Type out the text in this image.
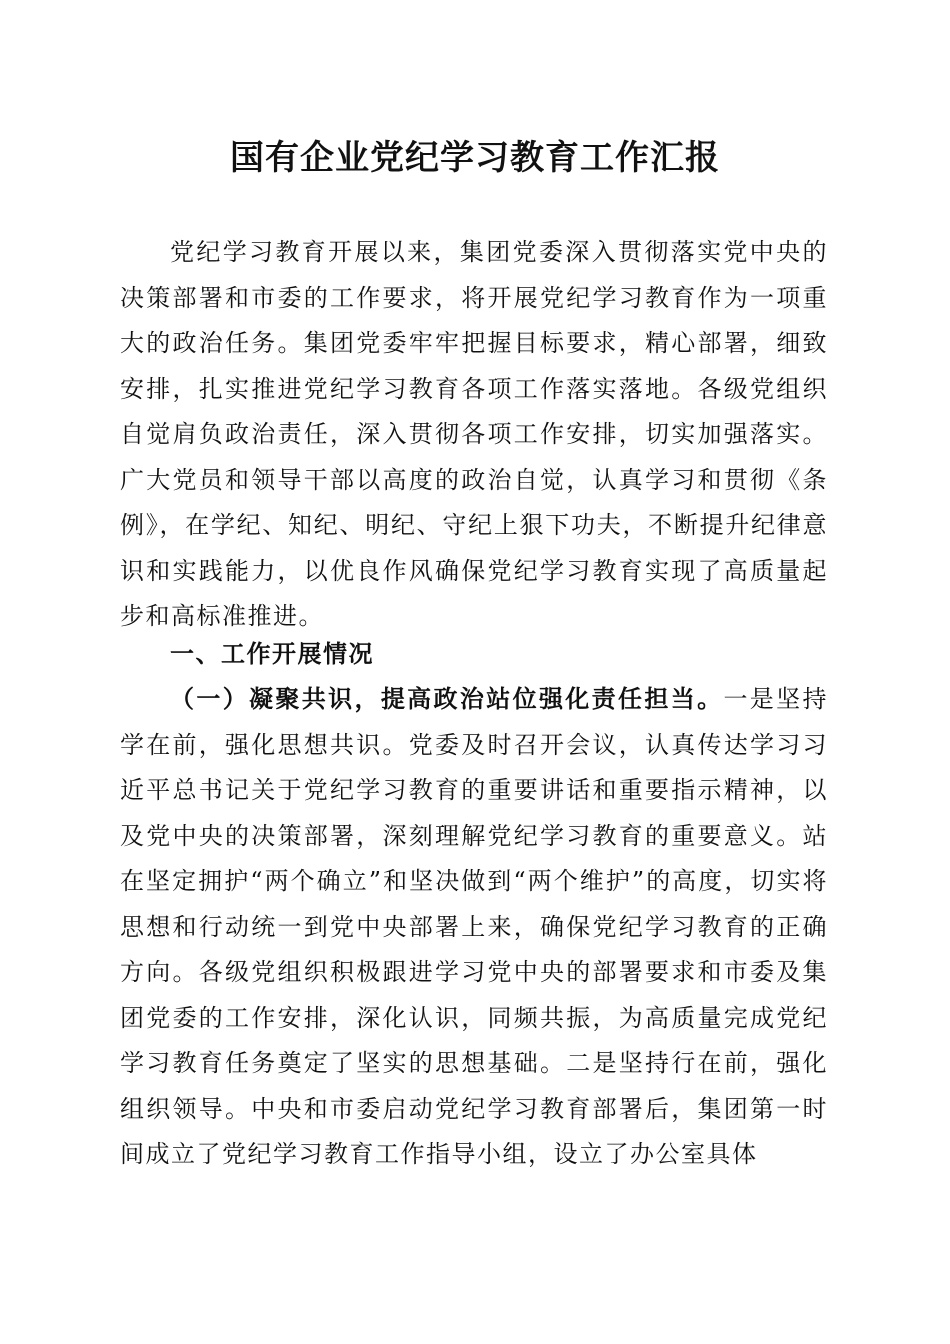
国有企业党纪学习教育工作汇报

党纪学习教育开展以来，集团党委深入贯彻落实党中央的决策部署和市委的工作要求，将开展党纪学习教育作为一项重大的政治任务。集团党委牢牢把握目标要求，精心部署，细致安排，扎实推进党纪学习教育各项工作落实落地。各级党组织自觉肩负政治责任，深入贯彻各项工作安排，切实加强落实。广大党员和领导干部以高度的政治自觉，认真学习和贯彻《条例》，在学纪、知纪、明纪、守纪上狠下功夫，不断提升纪律意识和实践能力，以优良作风确保党纪学习教育实现了高质量起步和高标准推进。

一、工作开展情况

（一）凝聚共识，提高政治站位强化责任担当。一是坚持学在前，强化思想共识。党委及时召开会议，认真传达学习习近平总书记关于党纪学习教育的重要讲话和重要指示精神，以及党中央的决策部署，深刻理解党纪学习教育的重要意义。站在坚定拥护“两个确立”和坚决做到“两个维护”的高度，切实将思想和行动统一到党中央部署上来，确保党纪学习教育的正确方向。各级党组织积极跟进学习党中央的部署要求和市委及集团党委的工作安排，深化认识，同频共振，为高质量完成党纪学习教育任务奠定了坚实的思想基础。二是坚持行在前，强化组织领导。中央和市委启动党纪学习教育部署后，集团第一时间成立了党纪学习教育工作指导小组，设立了办公室具体
